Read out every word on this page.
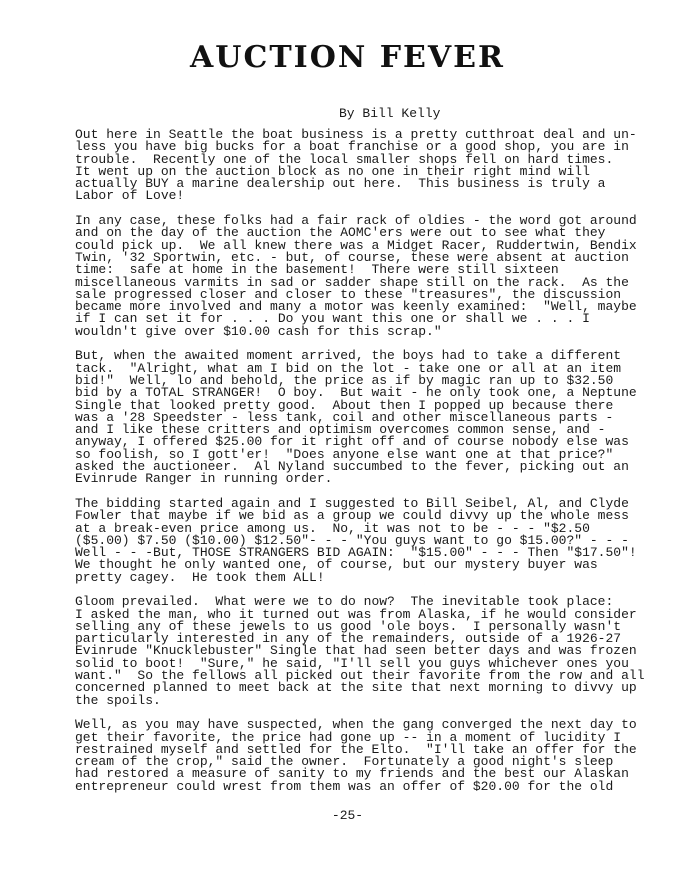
AUCTION FEVER
By Bill Kelly
Out here in Seattle the boat business is a pretty cutthroat deal and un-
less you have big bucks for a boat franchise or a good shop, you are in
trouble.  Recently one of the local smaller shops fell on hard times.
It went up on the auction block as no one in their right mind will
actually BUY a marine dealership out here.  This business is truly a
Labor of Love!
In any case, these folks had a fair rack of oldies - the word got around
and on the day of the auction the AOMC'ers were out to see what they
could pick up.  We all knew there was a Midget Racer, Ruddertwin, Bendix
Twin, '32 Sportwin, etc. - but, of course, these were absent at auction
time:  safe at home in the basement!  There were still sixteen
miscellaneous varmits in sad or sadder shape still on the rack.  As the
sale progressed closer and closer to these "treasures", the discussion
became more involved and many a motor was keenly examined:  "Well, maybe
if I can set it for . . . Do you want this one or shall we . . . I
wouldn't give over $10.00 cash for this scrap."
But, when the awaited moment arrived, the boys had to take a different
tack.  "Alright, what am I bid on the lot - take one or all at an item
bid!"  Well, lo and behold, the price as if by magic ran up to $32.50
bid by a TOTAL STRANGER!  O boy.  But wait - he only took one, a Neptune
Single that looked pretty good.  About then I popped up because there
was a '28 Speedster - less tank, coil and other miscellaneous parts -
and I like these critters and optimism overcomes common sense, and -
anyway, I offered $25.00 for it right off and of course nobody else was
so foolish, so I gott'er!  "Does anyone else want one at that price?"
asked the auctioneer.  Al Nyland succumbed to the fever, picking out an
Evinrude Ranger in running order.
The bidding started again and I suggested to Bill Seibel, Al, and Clyde
Fowler that maybe if we bid as a group we could divvy up the whole mess
at a break-even price among us.  No, it was not to be - - - "$2.50
($5.00) $7.50 ($10.00) $12.50"- - - "You guys want to go $15.00?" - - -
Well - - -But, THOSE STRANGERS BID AGAIN:  "$15.00" - - - Then "$17.50"!
We thought he only wanted one, of course, but our mystery buyer was
pretty cagey.  He took them ALL!
Gloom prevailed.  What were we to do now?  The inevitable took place:
I asked the man, who it turned out was from Alaska, if he would consider
selling any of these jewels to us good 'ole boys.  I personally wasn't
particularly interested in any of the remainders, outside of a 1926-27
Evinrude "Knucklebuster" Single that had seen better days and was frozen
solid to boot!  "Sure," he said, "I'll sell you guys whichever ones you
want."  So the fellows all picked out their favorite from the row and all
concerned planned to meet back at the site that next morning to divvy up
the spoils.
Well, as you may have suspected, when the gang converged the next day to
get their favorite, the price had gone up -- in a moment of lucidity I
restrained myself and settled for the Elto.  "I'll take an offer for the
cream of the crop," said the owner.  Fortunately a good night's sleep
had restored a measure of sanity to my friends and the best our Alaskan
entrepreneur could wrest from them was an offer of $20.00 for the old
-25-
